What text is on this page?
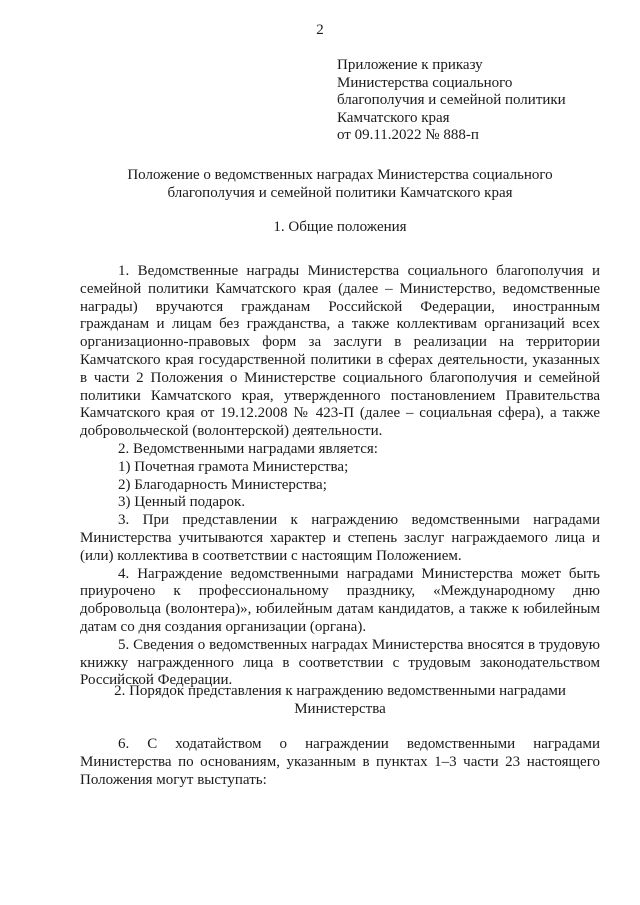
2
Приложение к приказу
Министерства социального
благополучия и семейной политики
Камчатского края
от 09.11.2022 № 888-п
Положение о ведомственных наградах Министерства социального
благополучия и семейной политики Камчатского края
1. Общие положения

1. Ведомственные награды Министерства социального благополучия и семейной политики Камчатского края (далее – Министерство, ведомственные награды) вручаются гражданам Российской Федерации, иностранным гражданам и лицам без гражданства, а также коллективам организаций всех организационно-правовых форм за заслуги в реализации на территории Камчатского края государственной политики в сферах деятельности, указанных в части 2 Положения о Министерстве социального благополучия и семейной политики Камчатского края, утвержденного постановлением Правительства Камчатского края от 19.12.2008 № 423-П (далее – социальная сфера), а также добровольческой (волонтерской) деятельности.

2. Ведомственными наградами является:

1) Почетная грамота Министерства;

2) Благодарность Министерства;

3) Ценный подарок.

3. При представлении к награждению ведомственными наградами Министерства учитываются характер и степень заслуг награждаемого лица и (или) коллектива в соответствии с настоящим Положением.

4. Награждение ведомственными наградами Министерства может быть приурочено к профессиональному празднику, «Международному дню добровольца (волонтера)», юбилейным датам кандидатов, а также к юбилейным датам со дня создания организации (органа).

5. Сведения о ведомственных наградах Министерства вносятся в трудовую книжку награжденного лица в соответствии с трудовым законодательством Российской Федерации.

2. Порядок представления к награждению ведомственными наградами
Министерства

6. С ходатайством о награждении ведомственными наградами Министерства по основаниям, указанным в пунктах 1–3 части 23 настоящего Положения могут выступать:
